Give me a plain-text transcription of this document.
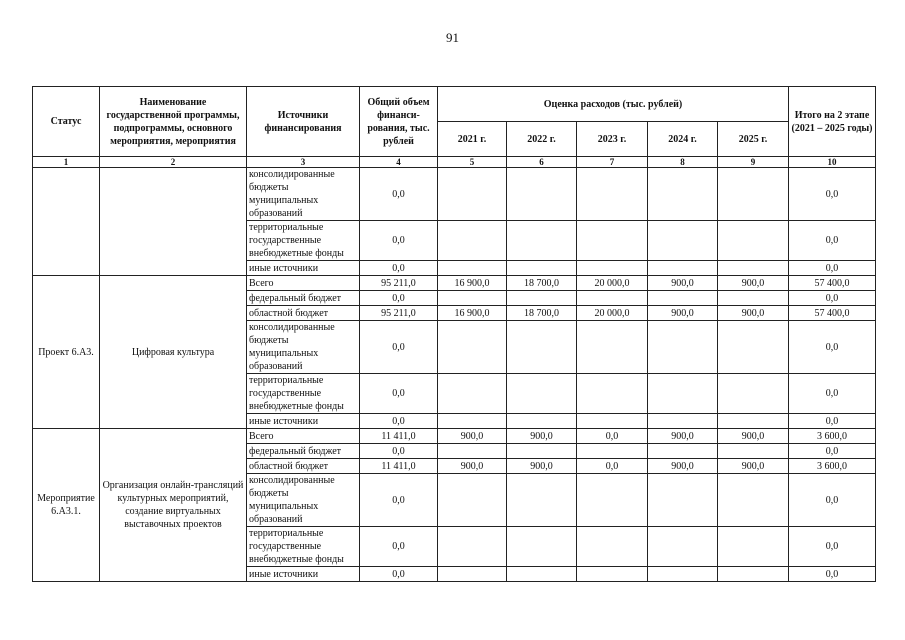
91
Статус	Наименование государственной программы, подпрограммы, основного мероприятия, мероприятия	Источники финансирования	Общий объем финанси-рования, тыс. рублей	Оценка расходов (тыс. рублей)					Итого на 2 этапе (2021 – 2025 годы)
				2021 г.	2022 г.	2023 г.	2024 г.	2025 г.	
1	2	3	4	5	6	7	8	9	10
		консолидированные бюджеты муниципальных образований	0,0						0,0
		территориальные государственные внебюджетные фонды	0,0						0,0
		иные источники	0,0						0,0
Проект 6.А3.	Цифровая культура	Всего	95 211,0	16 900,0	18 700,0	20 000,0	900,0	900,0	57 400,0
		федеральный бюджет	0,0						0,0
		областной бюджет	95 211,0	16 900,0	18 700,0	20 000,0	900,0	900,0	57 400,0
		консолидированные бюджеты муниципальных образований	0,0						0,0
		территориальные государственные внебюджетные фонды	0,0						0,0
		иные источники	0,0						0,0
Мероприятие 6.А3.1.	Организация онлайн-трансляций культурных мероприятий, создание виртуальных выставочных проектов	Всего	11 411,0	900,0	900,0	0,0	900,0	900,0	3 600,0
		федеральный бюджет	0,0						0,0
		областной бюджет	11 411,0	900,0	900,0	0,0	900,0	900,0	3 600,0
		консолидированные бюджеты муниципальных образований	0,0						0,0
		территориальные государственные внебюджетные фонды	0,0						0,0
		иные источники	0,0						0,0
